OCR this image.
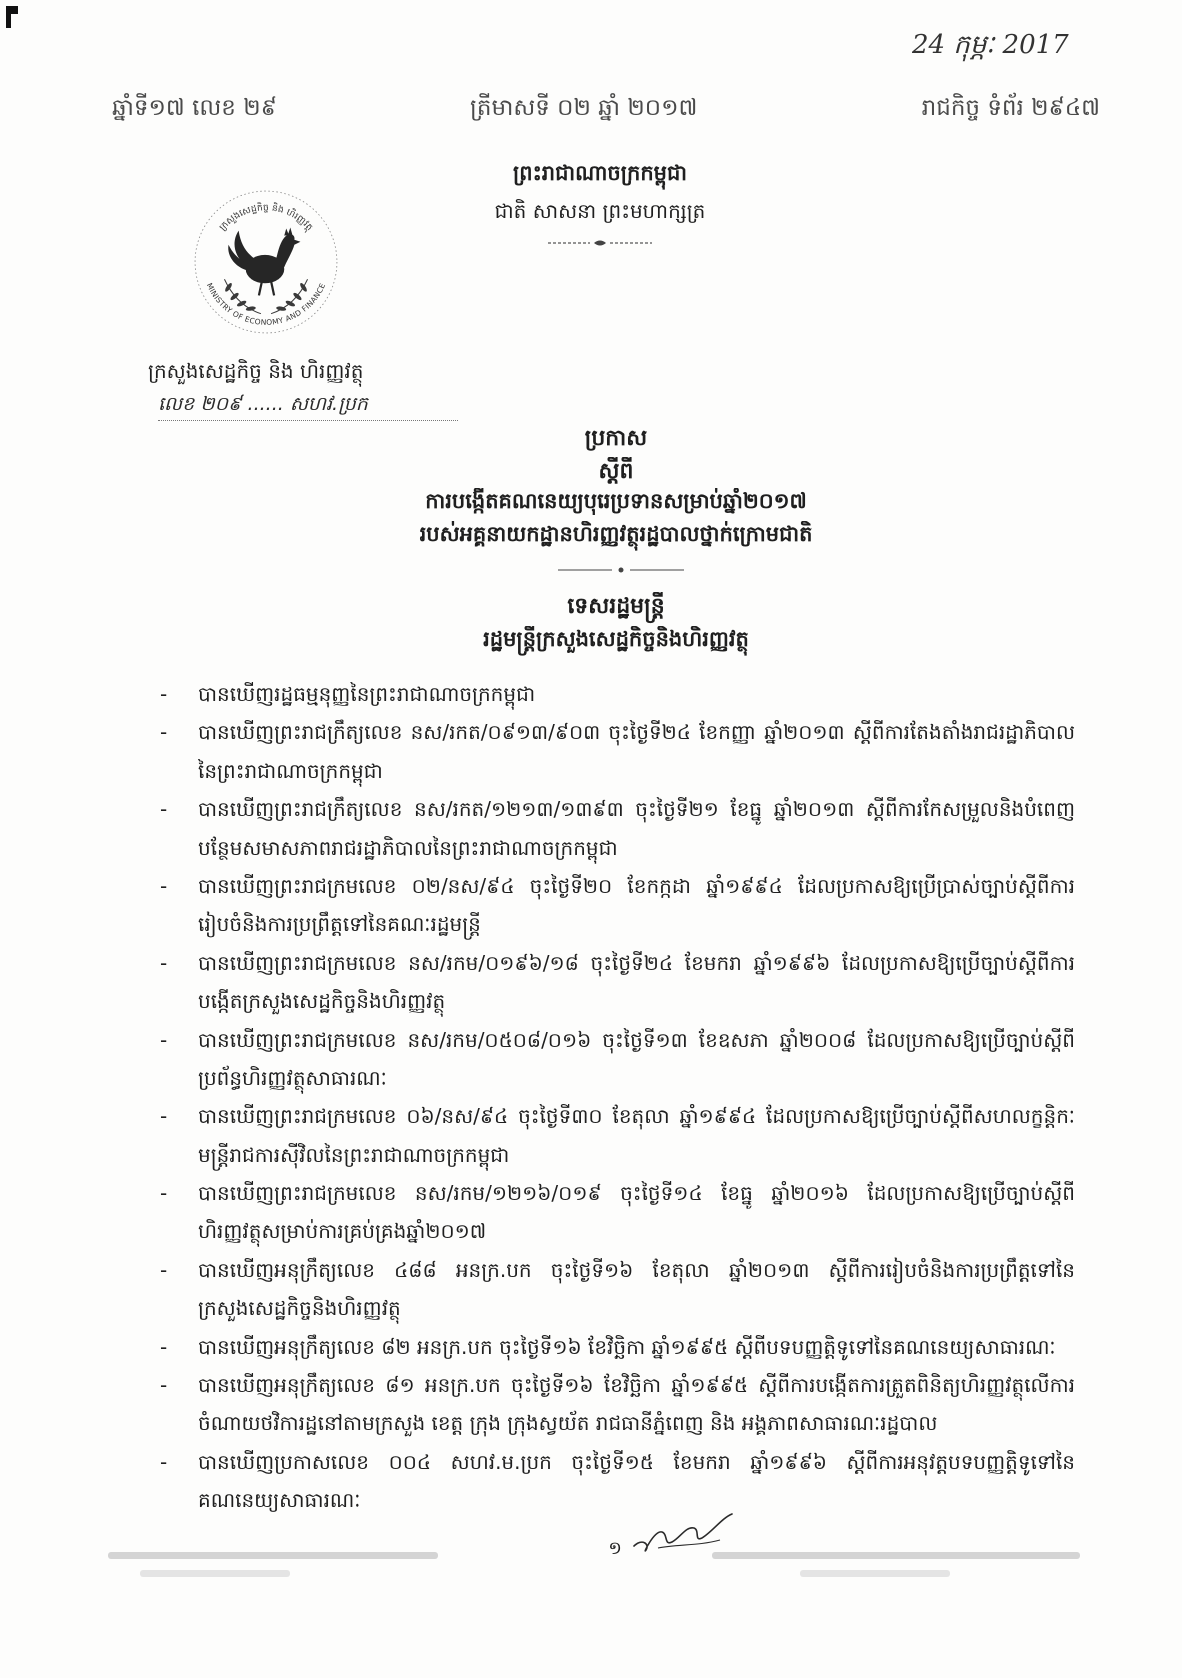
24 កុម្ភៈ 2017
ឆ្នាំទី១៧ លេខ ២៩	ត្រីមាសទី ០២ ឆ្នាំ ២០១៧	រាជកិច្ច ទំព័រ ២៩៤៧
ព្រះរាជាណាចក្រកម្ពុជា
ជាតិ សាសនា ព្រះមហាក្សត្រ
ក្រសួងសេដ្ឋកិច្ច និង ហិរញ្ញវត្ថុ
MINISTRY OF ECONOMY AND FINANCE
ក្រសួងសេដ្ឋកិច្ច និង ហិរញ្ញវត្ថុ
លេខ ២០៩ ...... សហវ.ប្រក
ប្រកាស
ស្តីពី
ការបង្កើតគណនេយ្យបុរេប្រទានសម្រាប់ឆ្នាំ២០១៧
របស់អគ្គនាយកដ្ឋានហិរញ្ញវត្ថុរដ្ឋបាលថ្នាក់ក្រោមជាតិ
ទេសរដ្ឋមន្ត្រី
រដ្ឋមន្ត្រីក្រសួងសេដ្ឋកិច្ចនិងហិរញ្ញវត្ថុ
- បានឃើញរដ្ឋធម្មនុញ្ញនៃព្រះរាជាណាចក្រកម្ពុជា
- បានឃើញព្រះរាជក្រឹត្យលេខ នស/រកត/០៩១៣/៩០៣ ចុះថ្ងៃទី២៤ ខែកញ្ញា ឆ្នាំ២០១៣ ស្តីពីការតែងតាំងរាជរដ្ឋាភិបាល
នៃព្រះរាជាណាចក្រកម្ពុជា
- បានឃើញព្រះរាជក្រឹត្យលេខ នស/រកត/១២១៣/១៣៩៣ ចុះថ្ងៃទី២១ ខែធ្នូ ឆ្នាំ២០១៣ ស្តីពីការកែសម្រួលនិងបំពេញ
បន្ថែមសមាសភាពរាជរដ្ឋាភិបាលនៃព្រះរាជាណាចក្រកម្ពុជា
- បានឃើញព្រះរាជក្រមលេខ ០២/នស/៩៤ ចុះថ្ងៃទី២០ ខែកក្កដា ឆ្នាំ១៩៩៤ ដែលប្រកាសឱ្យប្រើប្រាស់ច្បាប់ស្តីពីការ
រៀបចំនិងការប្រព្រឹត្តទៅនៃគណៈរដ្ឋមន្ត្រី
- បានឃើញព្រះរាជក្រមលេខ នស/រកម/០១៩៦/១៨ ចុះថ្ងៃទី២៤ ខែមករា ឆ្នាំ១៩៩៦ ដែលប្រកាសឱ្យប្រើច្បាប់ស្តីពីការ
បង្កើតក្រសួងសេដ្ឋកិច្ចនិងហិរញ្ញវត្ថុ
- បានឃើញព្រះរាជក្រមលេខ នស/រកម/០៥០៨/០១៦ ចុះថ្ងៃទី១៣ ខែឧសភា ឆ្នាំ២០០៨ ដែលប្រកាសឱ្យប្រើច្បាប់ស្តីពី
ប្រព័ន្ធហិរញ្ញវត្ថុសាធារណៈ
- បានឃើញព្រះរាជក្រមលេខ ០៦/នស/៩៤ ចុះថ្ងៃទី៣០ ខែតុលា ឆ្នាំ១៩៩៤ ដែលប្រកាសឱ្យប្រើច្បាប់ស្តីពីសហលក្ខន្តិកៈ
មន្ត្រីរាជការស៊ីវិលនៃព្រះរាជាណាចក្រកម្ពុជា
- បានឃើញព្រះរាជក្រមលេខ នស/រកម/១២១៦/០១៩ ចុះថ្ងៃទី១៤ ខែធ្នូ ឆ្នាំ២០១៦ ដែលប្រកាសឱ្យប្រើច្បាប់ស្តីពី
ហិរញ្ញវត្ថុសម្រាប់ការគ្រប់គ្រងឆ្នាំ២០១៧
- បានឃើញអនុក្រឹត្យលេខ ៤៨៨ អនក្រ.បក ចុះថ្ងៃទី១៦ ខែតុលា ឆ្នាំ២០១៣ ស្តីពីការរៀបចំនិងការប្រព្រឹត្តទៅនៃ
ក្រសួងសេដ្ឋកិច្ចនិងហិរញ្ញវត្ថុ
- បានឃើញអនុក្រឹត្យលេខ ៨២ អនក្រ.បក ចុះថ្ងៃទី១៦ ខែវិច្ឆិកា ឆ្នាំ១៩៩៥ ស្តីពីបទបញ្ញត្តិទូទៅនៃគណនេយ្យសាធារណៈ
- បានឃើញអនុក្រឹត្យលេខ ៨១ អនក្រ.បក ចុះថ្ងៃទី១៦ ខែវិច្ឆិកា ឆ្នាំ១៩៩៥ ស្តីពីការបង្កើតការត្រួតពិនិត្យហិរញ្ញវត្ថុលើការ
ចំណាយថវិការដ្ឋនៅតាមក្រសួង ខេត្ត ក្រុង ក្រុងស្វយ័ត រាជធានីភ្នំពេញ និង អង្គភាពសាធារណៈរដ្ឋបាល
- បានឃើញប្រកាសលេខ ០០៤ សហវ.ម.ប្រក ចុះថ្ងៃទី១៥ ខែមករា ឆ្នាំ១៩៩៦ ស្តីពីការអនុវត្តបទបញ្ញត្តិទូទៅនៃ
គណនេយ្យសាធារណៈ
១
